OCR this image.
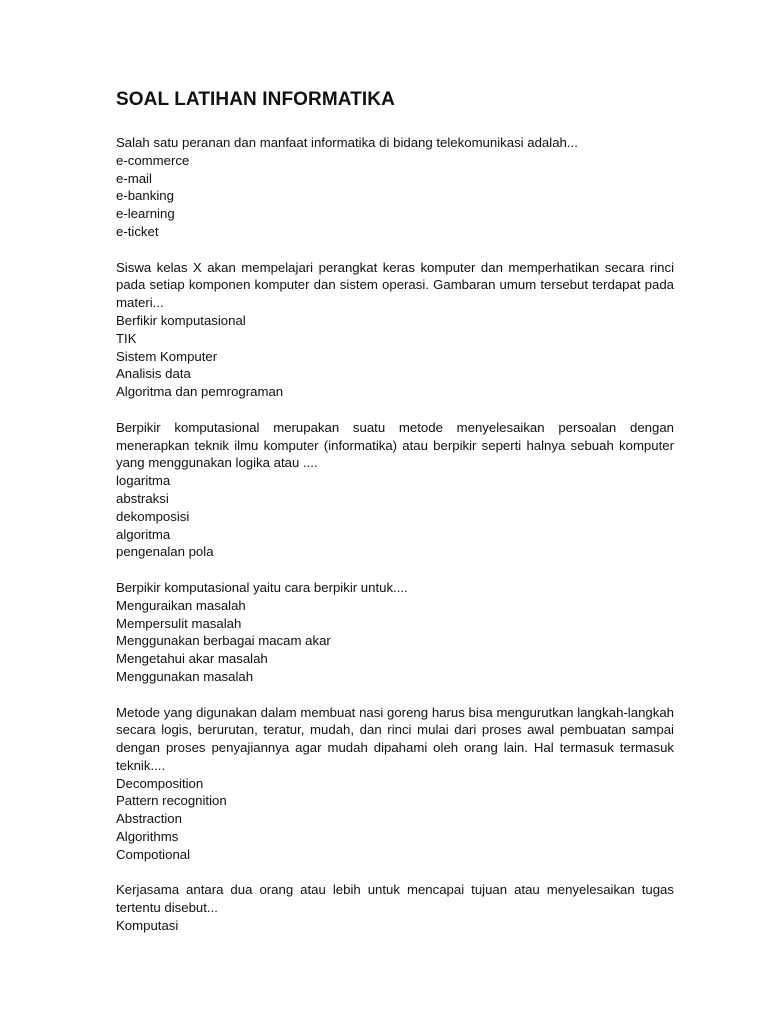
SOAL LATIHAN INFORMATIKA

Salah satu peranan dan manfaat informatika di bidang telekomunikasi adalah...

e-commerce
e-mail
e-banking
e-learning
e-ticket

Siswa kelas X akan mempelajari perangkat keras komputer dan memperhatikan secara rinci pada setiap komponen komputer dan sistem operasi. Gambaran umum tersebut terdapat pada materi...

Berfikir komputasional
TIK
Sistem Komputer
Analisis data
Algoritma dan pemrograman

Berpikir komputasional merupakan suatu metode menyelesaikan persoalan dengan menerapkan teknik ilmu komputer (informatika) atau berpikir seperti halnya sebuah komputer yang menggunakan logika atau ....

logaritma
abstraksi
dekomposisi
algoritma
pengenalan pola

Berpikir komputasional yaitu cara berpikir untuk....

Menguraikan masalah
Mempersulit masalah
Menggunakan berbagai macam akar
Mengetahui akar masalah
Menggunakan masalah

Metode yang digunakan dalam membuat nasi goreng harus bisa mengurutkan langkah-langkah secara logis, berurutan, teratur, mudah, dan rinci mulai dari proses awal pembuatan sampai dengan proses penyajiannya agar mudah dipahami oleh orang lain. Hal termasuk termasuk teknik....

Decomposition
Pattern recognition
Abstraction
Algorithms
Compotional

Kerjasama antara dua orang atau lebih untuk mencapai tujuan atau menyelesaikan tugas tertentu disebut...

Komputasi
